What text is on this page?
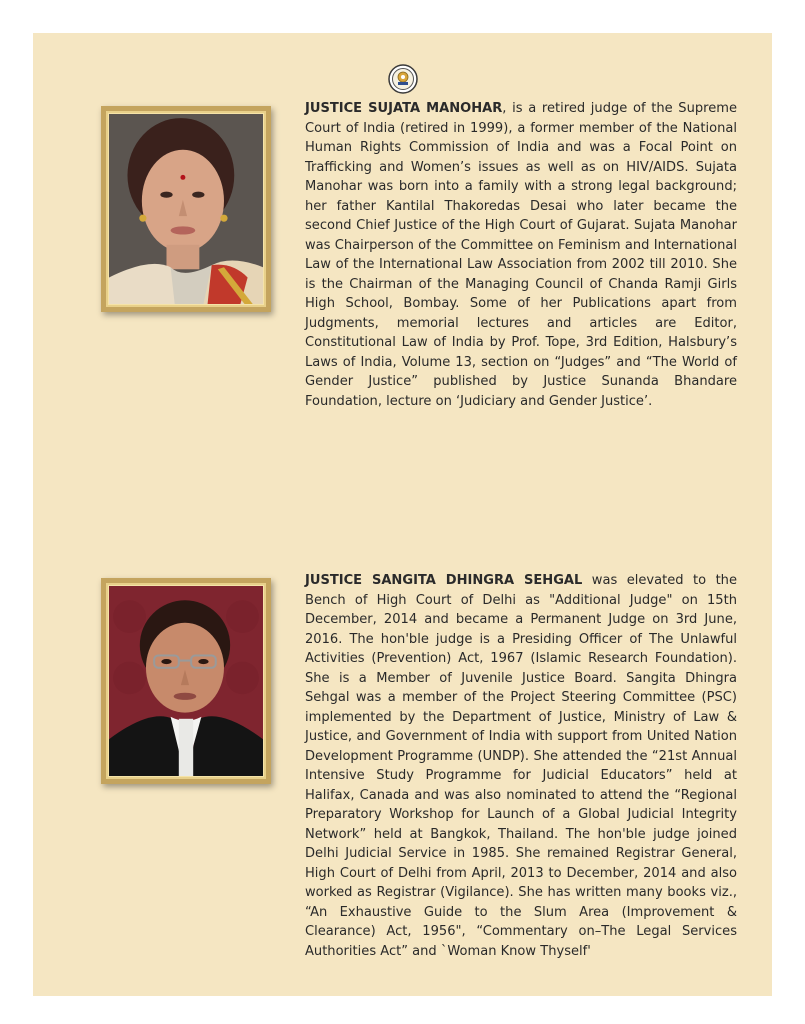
JUSTICE SUJATA MANOHAR, is a retired judge of the Supreme Court of India (retired in 1999), a former member of the National Human Rights Commission of India and was a Focal Point on Trafficking and Women’s issues as well as on HIV/AIDS. Sujata Manohar was born into a family with a strong legal background; her father Kantilal Thakoredas Desai who later became the second Chief Justice of the High Court of Gujarat. Sujata Manohar was Chairperson of the Committee on Feminism and International Law of the International Law Association from 2002 till 2010. She is the Chairman of the Managing Council of Chanda Ramji Girls High School, Bombay. Some of her Publications apart from Judgments, memorial lectures and articles are Editor, Constitutional Law of India by Prof. Tope, 3rd Edition, Halsbury’s Laws of India, Volume 13, section on “Judges” and “The World of Gender Justice” published by Justice Sunanda Bhandare Foundation, lecture on ‘Judiciary and Gender Justice’.

JUSTICE SANGITA DHINGRA SEHGAL was elevated to the Bench of High Court of Delhi as "Additional Judge" on 15th December, 2014 and became a Permanent Judge on 3rd June, 2016. The hon'ble judge is a Presiding Officer of The Unlawful Activities (Prevention) Act, 1967 (Islamic Research Foundation). She is a Member of Juvenile Justice Board. Sangita Dhingra Sehgal was a member of the Project Steering Committee (PSC) implemented by the Department of Justice, Ministry of Law & Justice, and Government of India with support from United Nation Development Programme (UNDP). She attended the “21st Annual Intensive Study Programme for Judicial Educators” held at Halifax, Canada and was also nominated to attend the “Regional Preparatory Workshop for Launch of a Global Judicial Integrity Network” held at Bangkok, Thailand. The hon'ble judge joined Delhi Judicial Service in 1985. She remained Registrar General, High Court of Delhi from April, 2013 to December, 2014 and also worked as Registrar (Vigilance). She has written many books viz., “An Exhaustive Guide to the Slum Area (Improvement & Clearance) Act, 1956", “Commentary on–The Legal Services Authorities Act” and `Woman Know Thyself'
